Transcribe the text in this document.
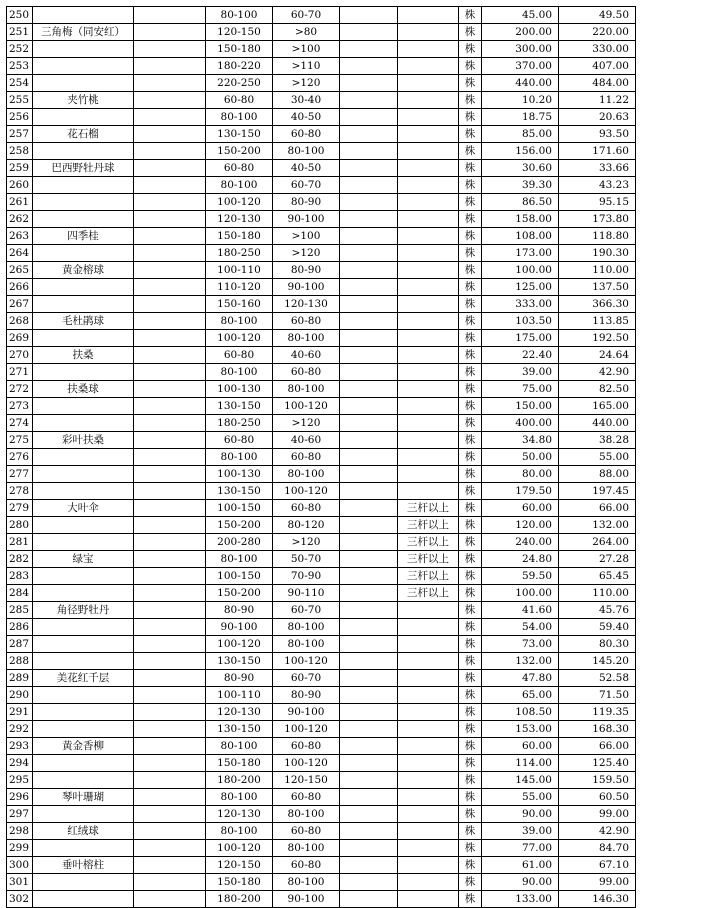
250			80-100	60-70			株	45.00	49.50
251	三角梅（同安红）		120-150	>80			株	200.00	220.00
252			150-180	>100			株	300.00	330.00
253			180-220	>110			株	370.00	407.00
254			220-250	>120			株	440.00	484.00
255	夹竹桃		60-80	30-40			株	10.20	11.22
256			80-100	40-50			株	18.75	20.63
257	花石榴		130-150	60-80			株	85.00	93.50
258			150-200	80-100			株	156.00	171.60
259	巴西野牡丹球		60-80	40-50			株	30.60	33.66
260			80-100	60-70			株	39.30	43.23
261			100-120	80-90			株	86.50	95.15
262			120-130	90-100			株	158.00	173.80
263	四季桂		150-180	>100			株	108.00	118.80
264			180-250	>120			株	173.00	190.30
265	黄金榕球		100-110	80-90			株	100.00	110.00
266			110-120	90-100			株	125.00	137.50
267			150-160	120-130			株	333.00	366.30
268	毛杜鹃球		80-100	60-80			株	103.50	113.85
269			100-120	80-100			株	175.00	192.50
270	扶桑		60-80	40-60			株	22.40	24.64
271			80-100	60-80			株	39.00	42.90
272	扶桑球		100-130	80-100			株	75.00	82.50
273			130-150	100-120			株	150.00	165.00
274			180-250	>120			株	400.00	440.00
275	彩叶扶桑		60-80	40-60			株	34.80	38.28
276			80-100	60-80			株	50.00	55.00
277			100-130	80-100			株	80.00	88.00
278			130-150	100-120			株	179.50	197.45
279	大叶伞		100-150	60-80		三杆以上	株	60.00	66.00
280			150-200	80-120		三杆以上	株	120.00	132.00
281			200-280	>120		三杆以上	株	240.00	264.00
282	绿宝		80-100	50-70		三杆以上	株	24.80	27.28
283			100-150	70-90		三杆以上	株	59.50	65.45
284			150-200	90-110		三杆以上	株	100.00	110.00
285	角径野牡丹		80-90	60-70			株	41.60	45.76
286			90-100	80-100			株	54.00	59.40
287			100-120	80-100			株	73.00	80.30
288			130-150	100-120			株	132.00	145.20
289	美花红千层		80-90	60-70			株	47.80	52.58
290			100-110	80-90			株	65.00	71.50
291			120-130	90-100			株	108.50	119.35
292			130-150	100-120			株	153.00	168.30
293	黄金香柳		80-100	60-80			株	60.00	66.00
294			150-180	100-120			株	114.00	125.40
295			180-200	120-150			株	145.00	159.50
296	琴叶珊瑚		80-100	60-80			株	55.00	60.50
297			120-130	80-100			株	90.00	99.00
298	红绒球		80-100	60-80			株	39.00	42.90
299			100-120	80-100			株	77.00	84.70
300	垂叶榕柱		120-150	60-80			株	61.00	67.10
301			150-180	80-100			株	90.00	99.00
302			180-200	90-100			株	133.00	146.30
